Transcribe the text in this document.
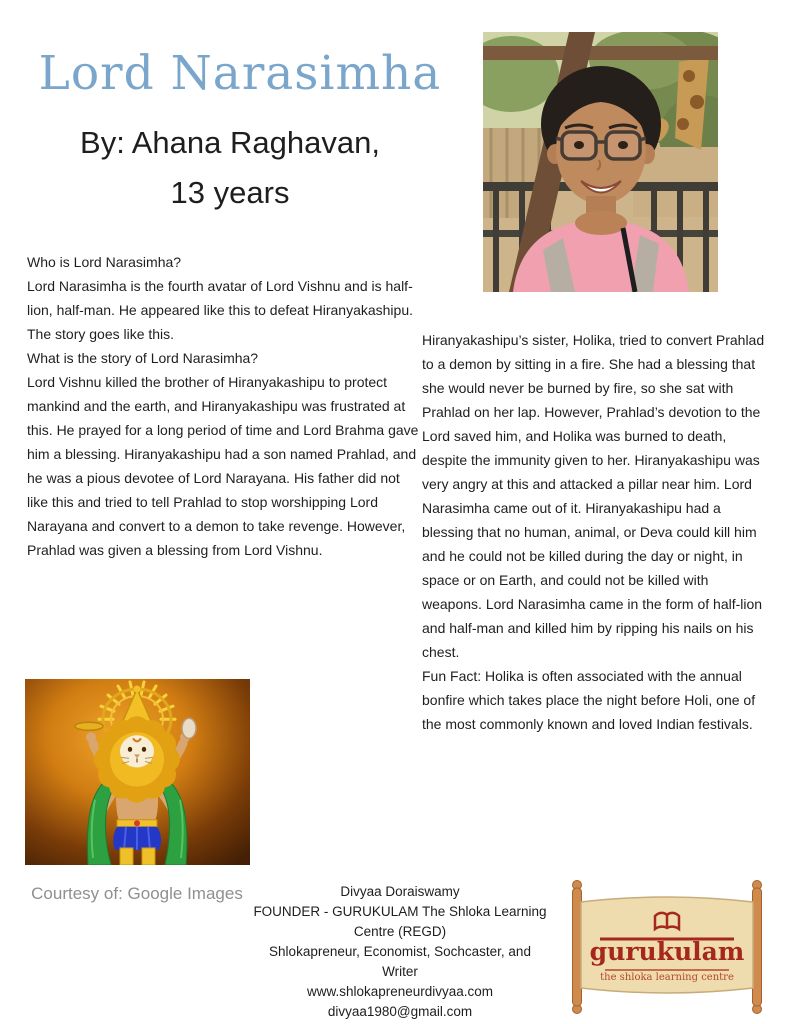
Lord Narasimha
By: Ahana Raghavan,
13 years

Who is Lord Narasimha?

Lord Narasimha is the fourth avatar of Lord Vishnu and is half-lion, half-man. He appeared like this to defeat Hiranyakashipu. The story goes like this.

What is the story of Lord Narasimha?

Lord Vishnu killed the brother of Hiranyakashipu to protect mankind and the earth, and Hiranyakashipu was frustrated at this. He prayed for a long period of time and Lord Brahma gave him a blessing. Hiranyakashipu had a son named Prahlad, and he was a pious devotee of Lord Narayana. His father did not like this and tried to tell Prahlad to stop worshipping Lord Narayana and convert to a demon to take revenge. However, Prahlad was given a blessing from Lord Vishnu.

Hiranyakashipu’s sister, Holika, tried to convert Prahlad to a demon by sitting in a fire. She had a blessing that she would never be burned by fire, so she sat with Prahlad on her lap. However, Prahlad’s devotion to the Lord saved him, and Holika was burned to death, despite the immunity given to her. Hiranyakashipu was very angry at this and attacked a pillar near him. Lord Narasimha came out of it. Hiranyakashipu had a blessing that no human, animal, or Deva could kill him and he could not be killed during the day or night, in space or on Earth, and could not be killed with weapons. Lord Narasimha came in the form of half-lion and half-man and killed him by ripping his nails on his chest.

Fun Fact: Holika is often associated with the annual bonfire which takes place the night before Holi, one of the most commonly known and loved Indian festivals.

Courtesy of: Google Images	Divyaa Doraiswamy
FOUNDER - GURUKULAM The Shloka Learning
Centre (REGD)
Shlokapreneur, Economist, Sochcaster, and
Writer
www.shlokapreneurdivyaa.com
divyaa1980@gmail.com
gurukulam
the shloka learning centre
